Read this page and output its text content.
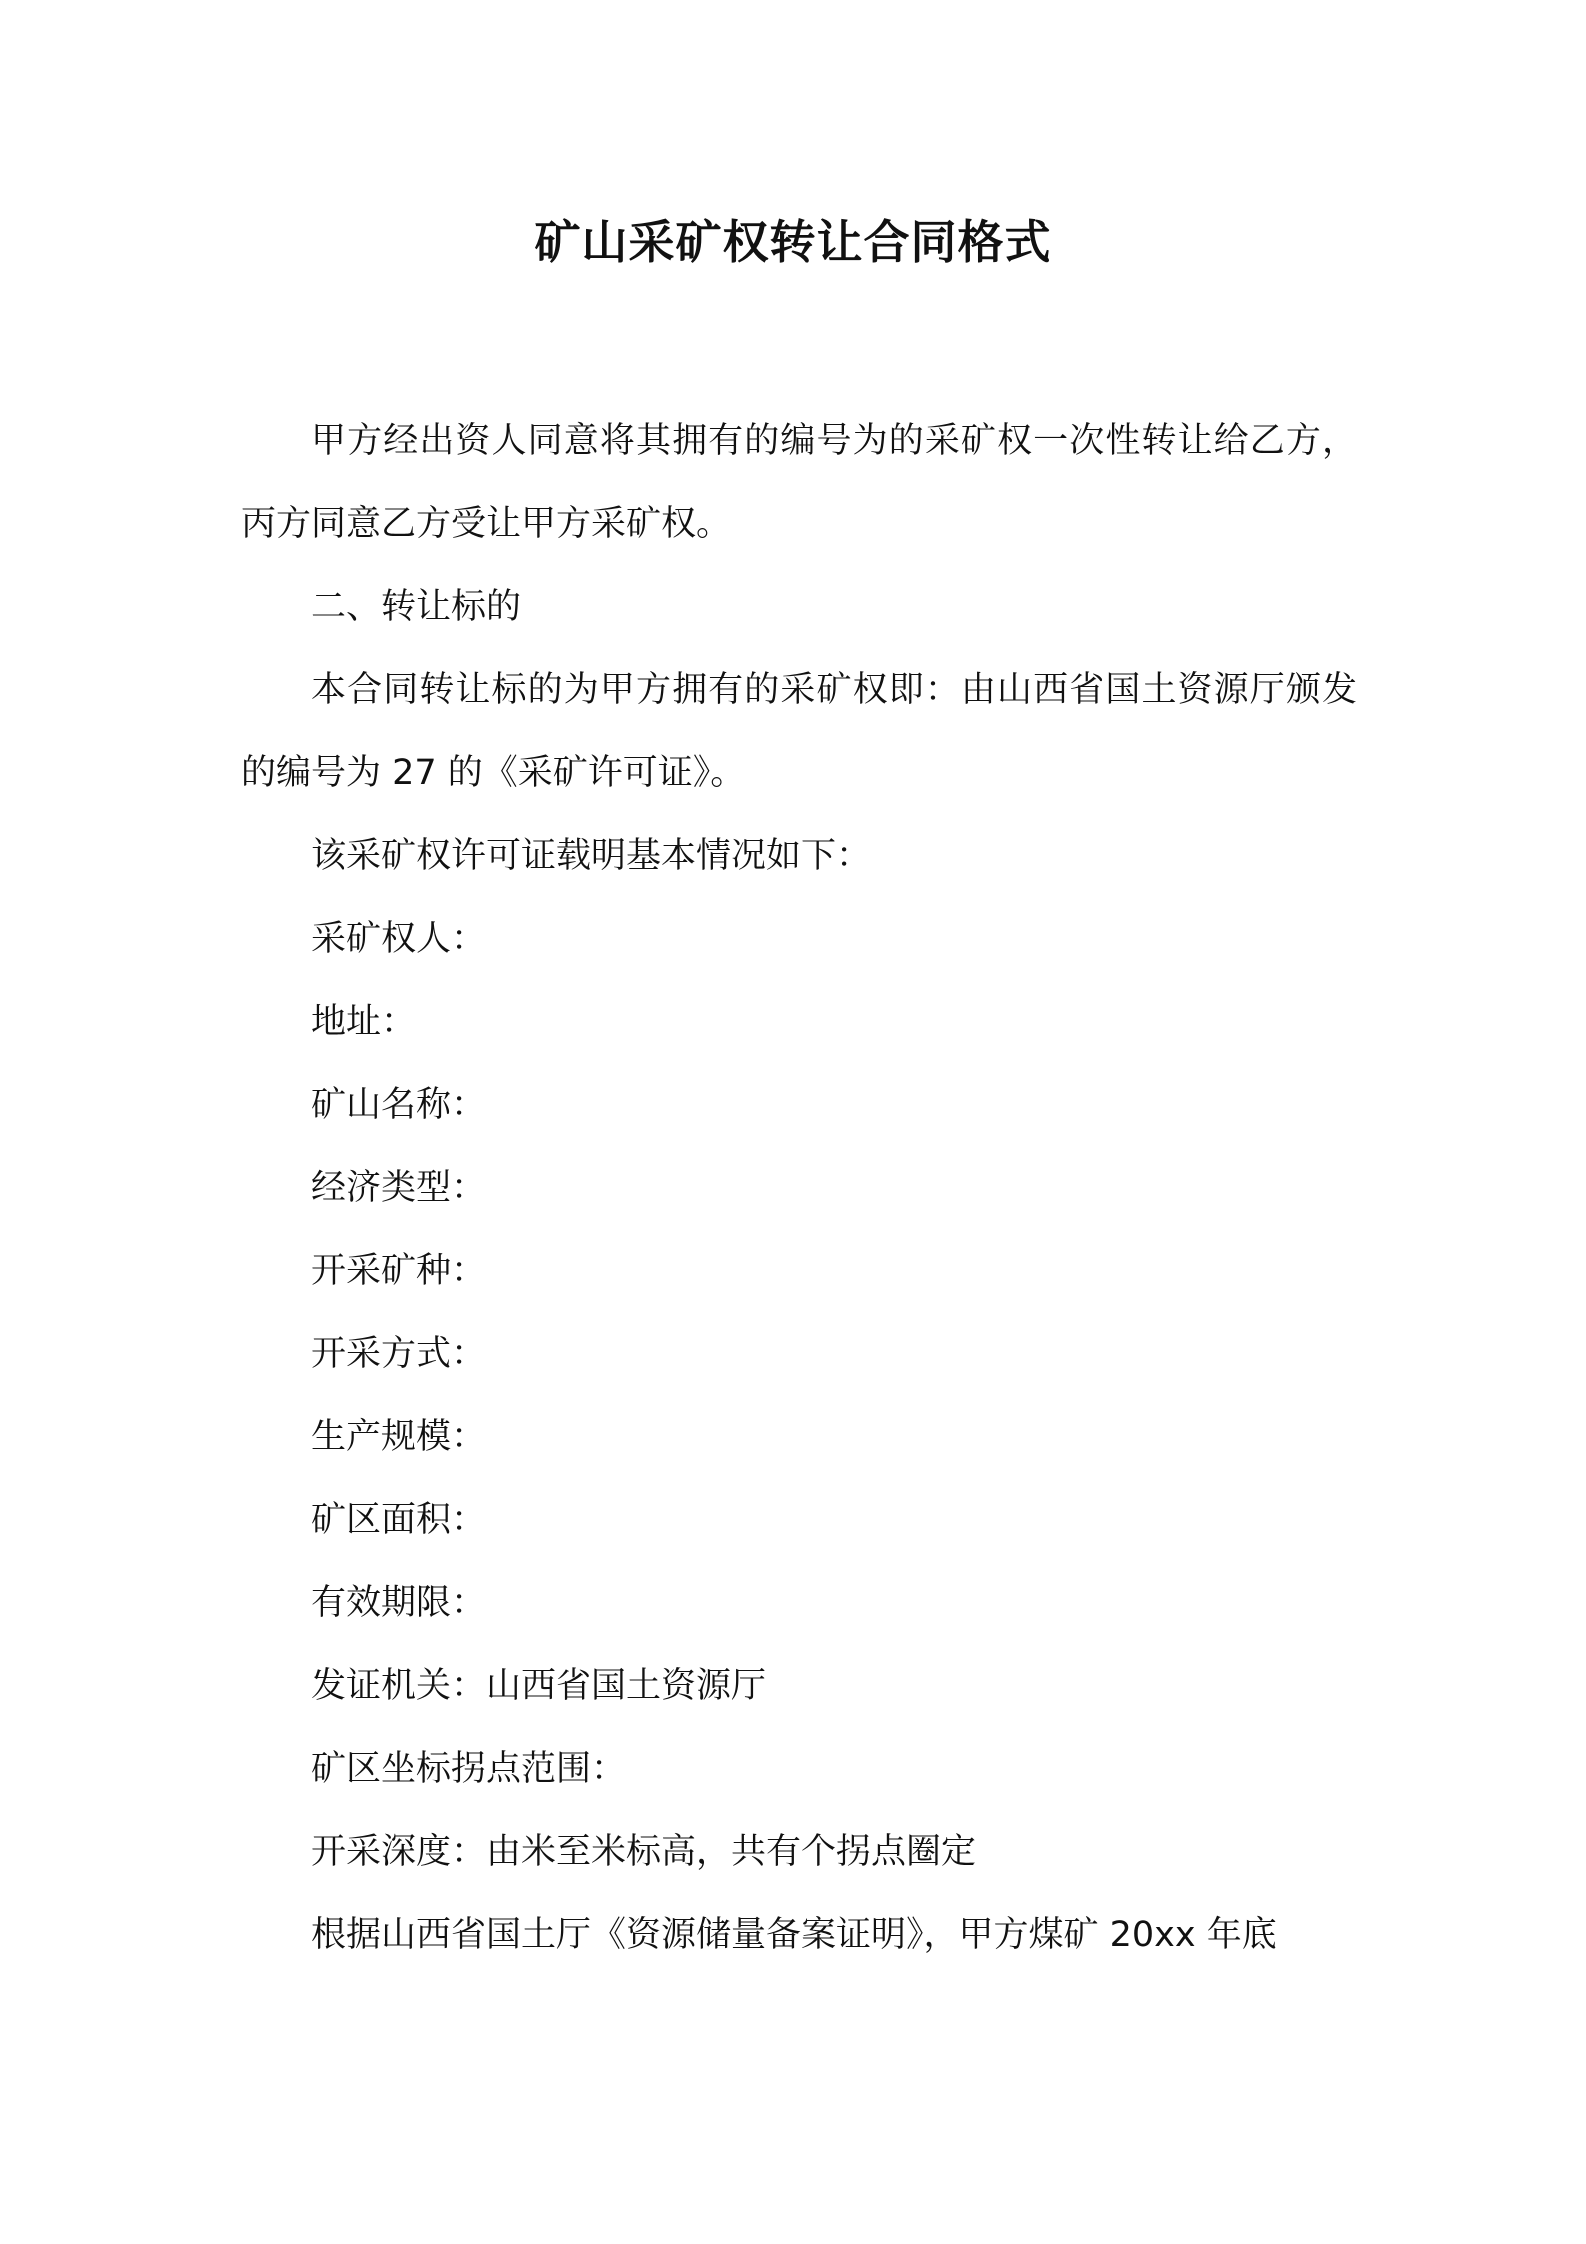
矿山采矿权转让合同格式

甲方经出资人同意将其拥有的编号为的采矿权一次性转让给乙方，丙方同意乙方受让甲方采矿权。

二、转让标的

本合同转让标的为甲方拥有的采矿权即：由山西省国土资源厅颁发的编号为 27 的《采矿许可证》。

该采矿权许可证载明基本情况如下：

采矿权人：

地址：

矿山名称：

经济类型：

开采矿种：

开采方式：

生产规模：

矿区面积：

有效期限：

发证机关：山西省国土资源厅

矿区坐标拐点范围：

开采深度：由米至米标高，共有个拐点圈定

根据山西省国土厅《资源储量备案证明》，甲方煤矿 20xx 年底
